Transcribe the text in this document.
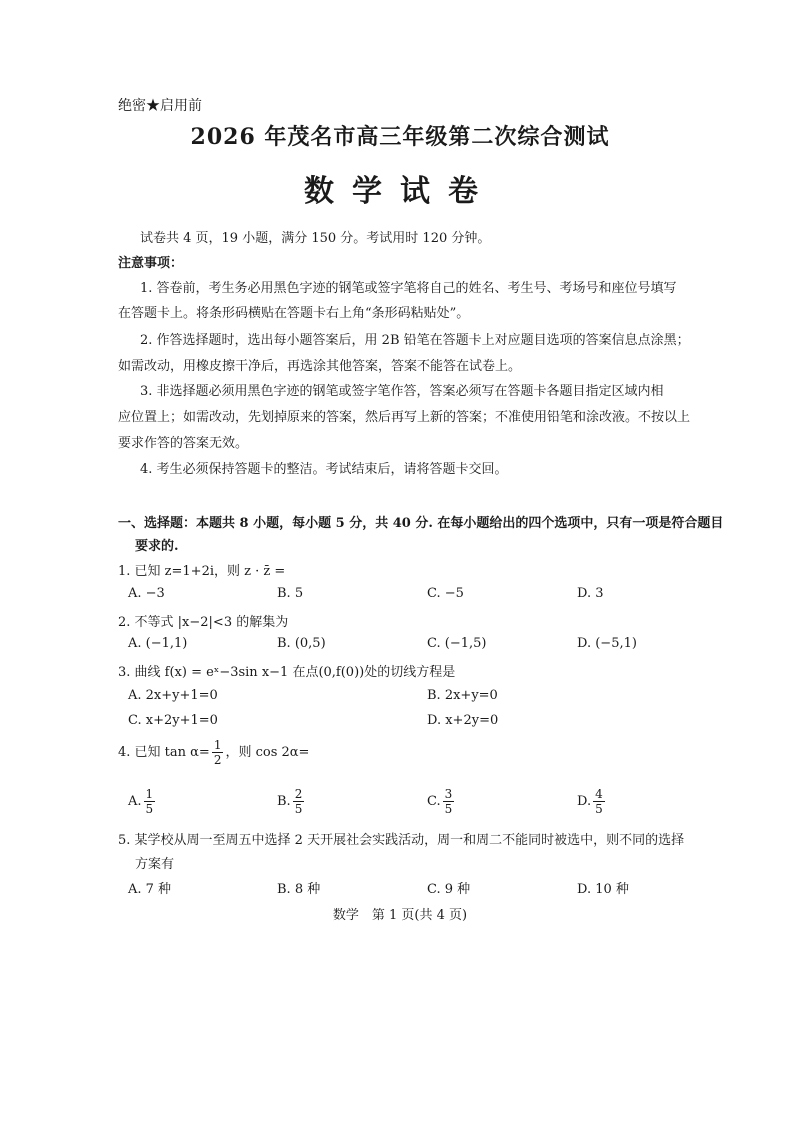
绝密★启用前
2026 年茂名市高三年级第二次综合测试
数学试卷
试卷共 4 页，19 小题，满分 150 分。考试用时 120 分钟。
注意事项：
1. 答卷前，考生务必用黑色字迹的钢笔或签字笔将自己的姓名、考生号、考场号和座位号填写
在答题卡上。将条形码横贴在答题卡右上角“条形码粘贴处”。
2. 作答选择题时，选出每小题答案后，用 2B 铅笔在答题卡上对应题目选项的答案信息点涂黑；
如需改动，用橡皮擦干净后，再选涂其他答案，答案不能答在试卷上。
3. 非选择题必须用黑色字迹的钢笔或签字笔作答，答案必须写在答题卡各题目指定区域内相
应位置上；如需改动，先划掉原来的答案，然后再写上新的答案；不准使用铅笔和涂改液。不按以上
要求作答的答案无效。
4. 考生必须保持答题卡的整洁。考试结束后，请将答题卡交回。
一、选择题：本题共 8 小题，每小题 5 分，共 40 分. 在每小题给出的四个选项中，只有一项是符合题目
要求的.
1. 已知 z=1+2i，则 z · z̄ =
A. −3	B. 5	C. −5	D. 3
2. 不等式 |x−2|<3 的解集为
A. (−1,1)	B. (0,5)	C. (−1,5)	D. (−5,1)
3. 曲线 f(x) = eˣ−3sin x−1 在点(0,f(0))处的切线方程是
A. 2x+y+1=0	B. 2x+y=0
C. x+2y+1=0	D. x+2y=0
4. 已知 $\tan \alpha= \frac{1}{2}$ ，则 cos 2α=
A. $\frac{1}{5}$	B. $\frac{2}{5}$	C. $\frac{3}{5}$	D. $\frac{4}{5}$
5. 某学校从周一至周五中选择 2 天开展社会实践活动，周一和周二不能同时被选中，则不同的选择
方案有
A. 7 种	B. 8 种	C. 9 种	D. 10 种
数学　第 1 页(共 4 页)
